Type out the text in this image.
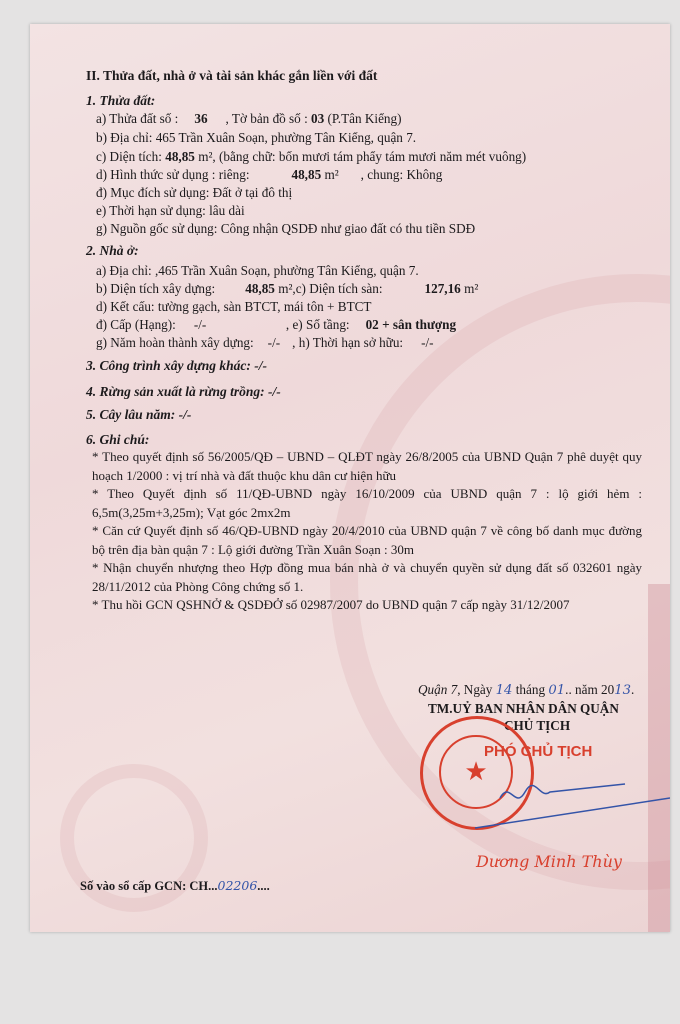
II. Thửa đất, nhà ở và tài sản khác gắn liền với đất
1. Thửa đất:
a) Thửa đất số : 36 , Tờ bản đồ số : 03 (P.Tân Kiểng)
b) Địa chỉ: 465 Trần Xuân Soạn, phường Tân Kiểng, quận 7.
c) Diện tích: 48,85 m², (bằng chữ: bốn mươi tám phẩy tám mươi năm mét vuông)
d) Hình thức sử dụng : riêng:	48,85 m² , chung: Không
đ) Mục đích sử dụng: Đất ở tại đô thị
e) Thời hạn sử dụng: lâu dài
g) Nguồn gốc sử dụng: Công nhận QSDĐ như giao đất có thu tiền SDĐ
2. Nhà ở:
a) Địa chỉ: ,465 Trần Xuân Soạn, phường Tân Kiểng, quận 7.
b) Diện tích xây dựng: 48,85 m²,c) Diện tích sàn:	127,16 m²
d) Kết cấu: tường gạch, sàn BTCT, mái tôn + BTCT
đ) Cấp (Hạng): -/-	, e) Số tầng: 02 + sân thượng
g) Năm hoàn thành xây dựng: -/- , h) Thời hạn sở hữu: -/-
3. Công trình xây dựng khác: -/-
4. Rừng sản xuất là rừng trồng: -/-
5. Cây lâu năm: -/-
6. Ghi chú:
* Theo quyết định số 56/2005/QĐ – UBND – QLĐT ngày 26/8/2005 của UBND Quận 7 phê duyệt quy hoạch 1/2000 : vị trí nhà và đất thuộc khu dân cư hiện hữu
* Theo Quyết định số 11/QĐ-UBND ngày 16/10/2009 của UBND quận 7 : lộ giới hẻm : 6,5m(3,25m+3,25m); Vạt góc 2mx2m
* Căn cứ Quyết định số 46/QĐ-UBND ngày 20/4/2010 của UBND quận 7 về công bố danh mục đường bộ trên địa bàn quận 7 : Lộ giới đường Trần Xuân Soạn : 30m
* Nhận chuyển nhượng theo Hợp đồng mua bán nhà ở và chuyển quyền sử dụng đất số 032601 ngày 28/11/2012 của Phòng Công chứng số 1.
* Thu hồi GCN QSHNỞ & QSDĐỞ số 02987/2007 do UBND quận 7 cấp ngày 31/12/2007
Quận 7, Ngày 14 tháng 01.. năm 2013.
TM.UỶ BAN NHÂN DÂN QUẬN
CHỦ TỊCH
★
PHÓ CHỦ TỊCH
Dương Minh Thùy
Số vào sổ cấp GCN: CH...02206....
